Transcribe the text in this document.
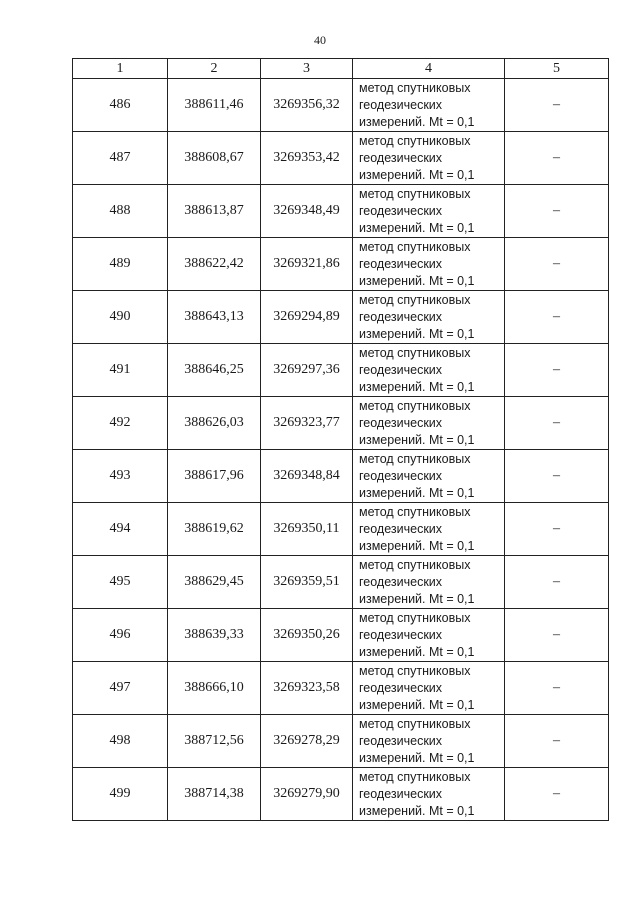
40
1	2	3	4	5
486	388611,46	3269356,32	метод спутниковых
геодезических
измерений. Mt = 0,1	–
487	388608,67	3269353,42	метод спутниковых
геодезических
измерений. Mt = 0,1	–
488	388613,87	3269348,49	метод спутниковых
геодезических
измерений. Mt = 0,1	–
489	388622,42	3269321,86	метод спутниковых
геодезических
измерений. Mt = 0,1	–
490	388643,13	3269294,89	метод спутниковых
геодезических
измерений. Mt = 0,1	–
491	388646,25	3269297,36	метод спутниковых
геодезических
измерений. Mt = 0,1	–
492	388626,03	3269323,77	метод спутниковых
геодезических
измерений. Mt = 0,1	–
493	388617,96	3269348,84	метод спутниковых
геодезических
измерений. Mt = 0,1	–
494	388619,62	3269350,11	метод спутниковых
геодезических
измерений. Mt = 0,1	–
495	388629,45	3269359,51	метод спутниковых
геодезических
измерений. Mt = 0,1	–
496	388639,33	3269350,26	метод спутниковых
геодезических
измерений. Mt = 0,1	–
497	388666,10	3269323,58	метод спутниковых
геодезических
измерений. Mt = 0,1	–
498	388712,56	3269278,29	метод спутниковых
геодезических
измерений. Mt = 0,1	–
499	388714,38	3269279,90	метод спутниковых
геодезических
измерений. Mt = 0,1	–
